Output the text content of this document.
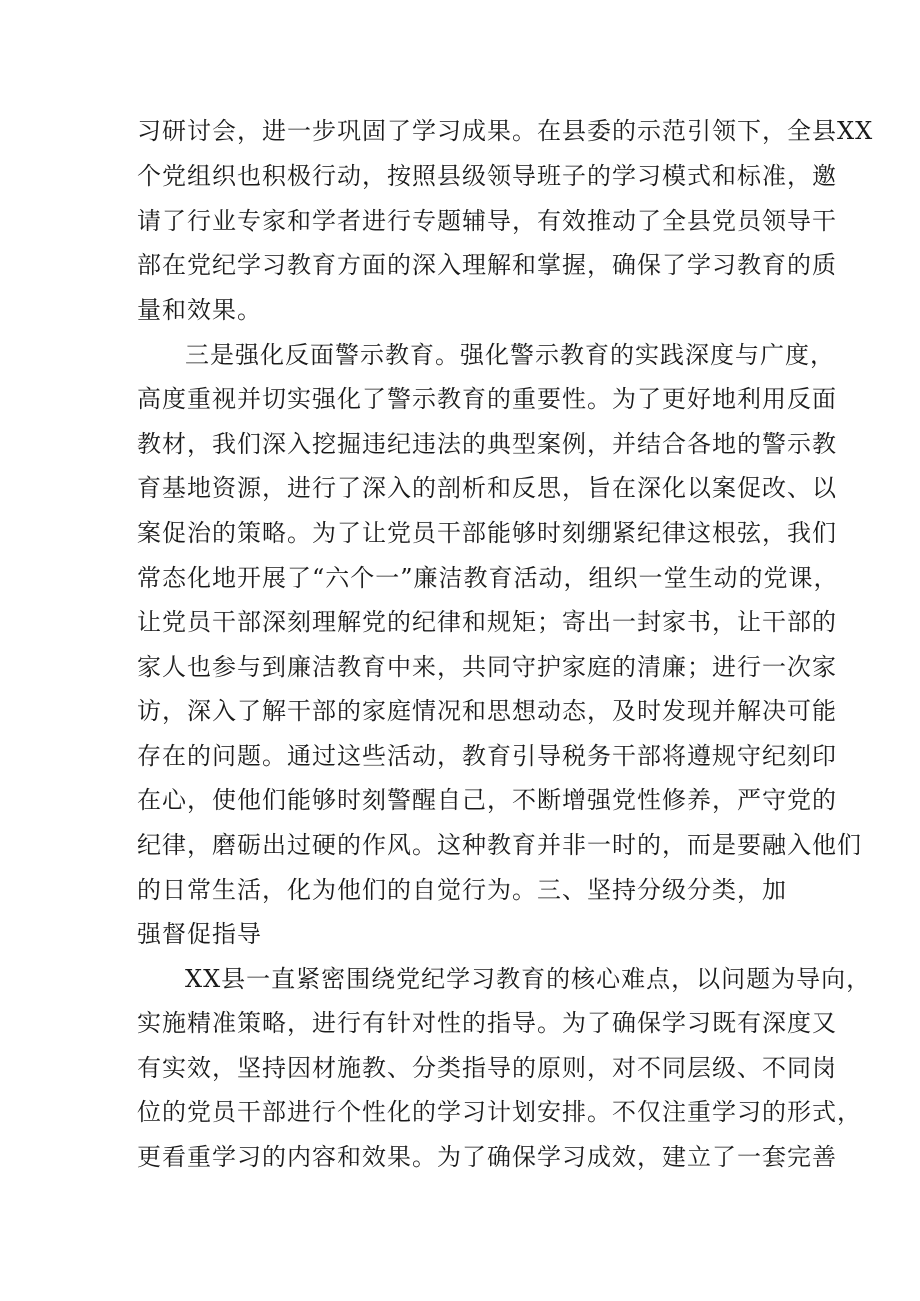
习研讨会，进一步巩固了学习成果。在县委的示范引领下，全县XX
个党组织也积极行动，按照县级领导班子的学习模式和标准，邀
请了行业专家和学者进行专题辅导，有效推动了全县党员领导干
部在党纪学习教育方面的深入理解和掌握，确保了学习教育的质
量和效果。
三是强化反面警示教育。强化警示教育的实践深度与广度，
高度重视并切实强化了警示教育的重要性。为了更好地利用反面
教材，我们深入挖掘违纪违法的典型案例，并结合各地的警示教
育基地资源，进行了深入的剖析和反思，旨在深化以案促改、以
案促治的策略。为了让党员干部能够时刻绷紧纪律这根弦，我们
常态化地开展了“六个一”廉洁教育活动，组织一堂生动的党课，
让党员干部深刻理解党的纪律和规矩；寄出一封家书，让干部的
家人也参与到廉洁教育中来，共同守护家庭的清廉；进行一次家
访，深入了解干部的家庭情况和思想动态，及时发现并解决可能
存在的问题。通过这些活动，教育引导税务干部将遵规守纪刻印
在心，使他们能够时刻警醒自己，不断增强党性修养，严守党的
纪律，磨砺出过硬的作风。这种教育并非一时的，而是要融入他们
的日常生活，化为他们的自觉行为。三、坚持分级分类，加
强督促指导
XX县一直紧密围绕党纪学习教育的核心难点，以问题为导向，
实施精准策略，进行有针对性的指导。为了确保学习既有深度又
有实效，坚持因材施教、分类指导的原则，对不同层级、不同岗
位的党员干部进行个性化的学习计划安排。不仅注重学习的形式，
更看重学习的内容和效果。为了确保学习成效，建立了一套完善
